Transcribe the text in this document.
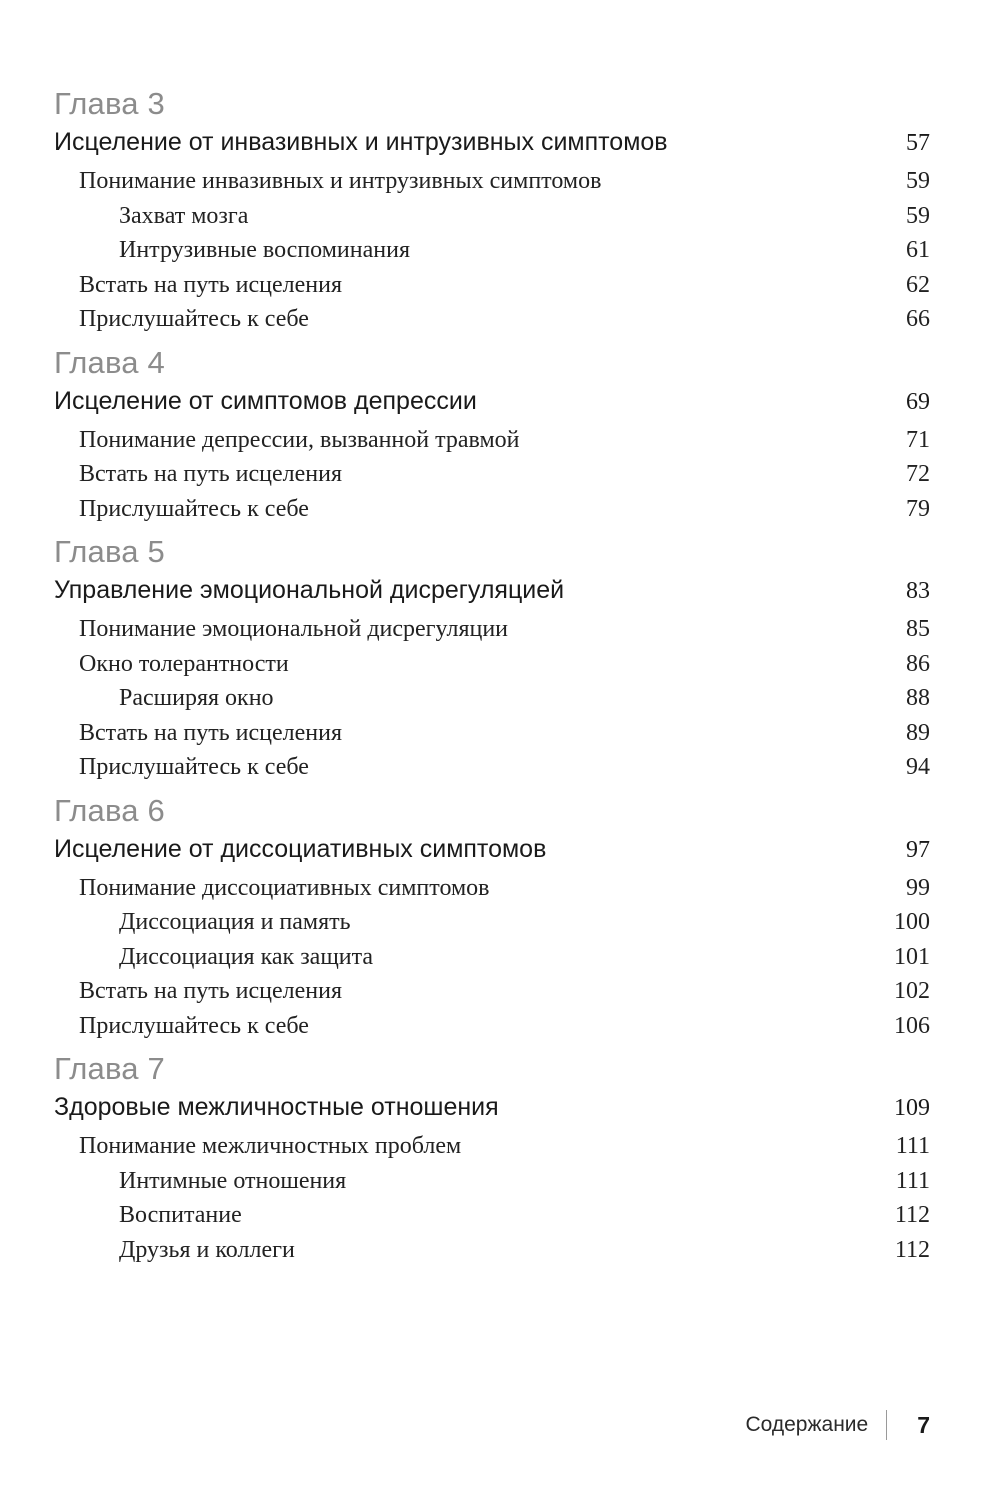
Глава 3
Исцеление от инвазивных и интрузивных симптомов	57
Понимание инвазивных и интрузивных симптомов	59
Захват мозга	59
Интрузивные воспоминания	61
Встать на путь исцеления	62
Прислушайтесь к себе	66
Глава 4
Исцеление от симптомов депрессии	69
Понимание депрессии, вызванной травмой	71
Встать на путь исцеления	72
Прислушайтесь к себе	79
Глава 5
Управление эмоциональной дисрегуляцией	83
Понимание эмоциональной дисрегуляции	85
Окно толерантности	86
Расширяя окно	88
Встать на путь исцеления	89
Прислушайтесь к себе	94
Глава 6
Исцеление от диссоциативных симптомов	97
Понимание диссоциативных симптомов	99
Диссоциация и память	100
Диссоциация как защита	101
Встать на путь исцеления	102
Прислушайтесь к себе	106
Глава 7
Здоровые межличностные отношения	109
Понимание межличностных проблем	111
Интимные отношения	111
Воспитание	112
Друзья и коллеги	112
Содержание 7
